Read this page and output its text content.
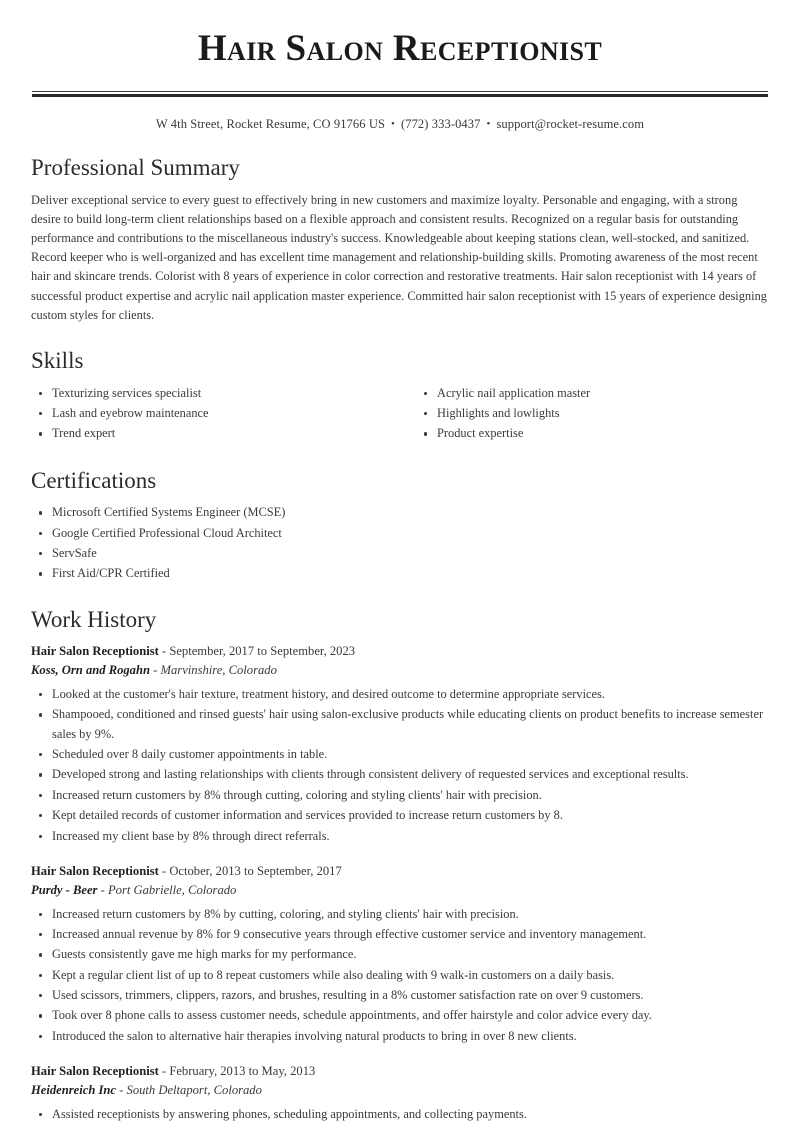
Hair Salon Receptionist
W 4th Street, Rocket Resume, CO 91766 US • (772) 333-0437 • support@rocket-resume.com
Professional Summary

Deliver exceptional service to every guest to effectively bring in new customers and maximize loyalty. Personable and engaging, with a strong desire to build long-term client relationships based on a flexible approach and consistent results. Recognized on a regular basis for outstanding performance and contributions to the miscellaneous industry's success. Knowledgeable about keeping stations clean, well-stocked, and sanitized. Record keeper who is well-organized and has excellent time management and relationship-building skills. Promoting awareness of the most recent hair and skincare trends. Colorist with 8 years of experience in color correction and restorative treatments. Hair salon receptionist with 14 years of successful product expertise and acrylic nail application master experience. Committed hair salon receptionist with 15 years of experience designing custom styles for clients.

Skills
Texturizing services specialist
Lash and eyebrow maintenance
Trend expert
Acrylic nail application master
Highlights and lowlights
Product expertise
Certifications
Microsoft Certified Systems Engineer (MCSE)
Google Certified Professional Cloud Architect
ServSafe
First Aid/CPR Certified
Work History
Hair Salon Receptionist - September, 2017 to September, 2023
Koss, Orn and Rogahn - Marvinshire, Colorado
Looked at the customer's hair texture, treatment history, and desired outcome to determine appropriate services.
Shampooed, conditioned and rinsed guests' hair using salon-exclusive products while educating clients on product benefits to increase semester sales by 9%.
Scheduled over 8 daily customer appointments in table.
Developed strong and lasting relationships with clients through consistent delivery of requested services and exceptional results.
Increased return customers by 8% through cutting, coloring and styling clients' hair with precision.
Kept detailed records of customer information and services provided to increase return customers by 8.
Increased my client base by 8% through direct referrals.
Hair Salon Receptionist - October, 2013 to September, 2017
Purdy - Beer - Port Gabrielle, Colorado
Increased return customers by 8% by cutting, coloring, and styling clients' hair with precision.
Increased annual revenue by 8% for 9 consecutive years through effective customer service and inventory management.
Guests consistently gave me high marks for my performance.
Kept a regular client list of up to 8 repeat customers while also dealing with 9 walk-in customers on a daily basis.
Used scissors, trimmers, clippers, razors, and brushes, resulting in a 8% customer satisfaction rate on over 9 customers.
Took over 8 phone calls to assess customer needs, schedule appointments, and offer hairstyle and color advice every day.
Introduced the salon to alternative hair therapies involving natural products to bring in over 8 new clients.
Hair Salon Receptionist - February, 2013 to May, 2013
Heidenreich Inc - South Deltaport, Colorado
Assisted receptionists by answering phones, scheduling appointments, and collecting payments.
